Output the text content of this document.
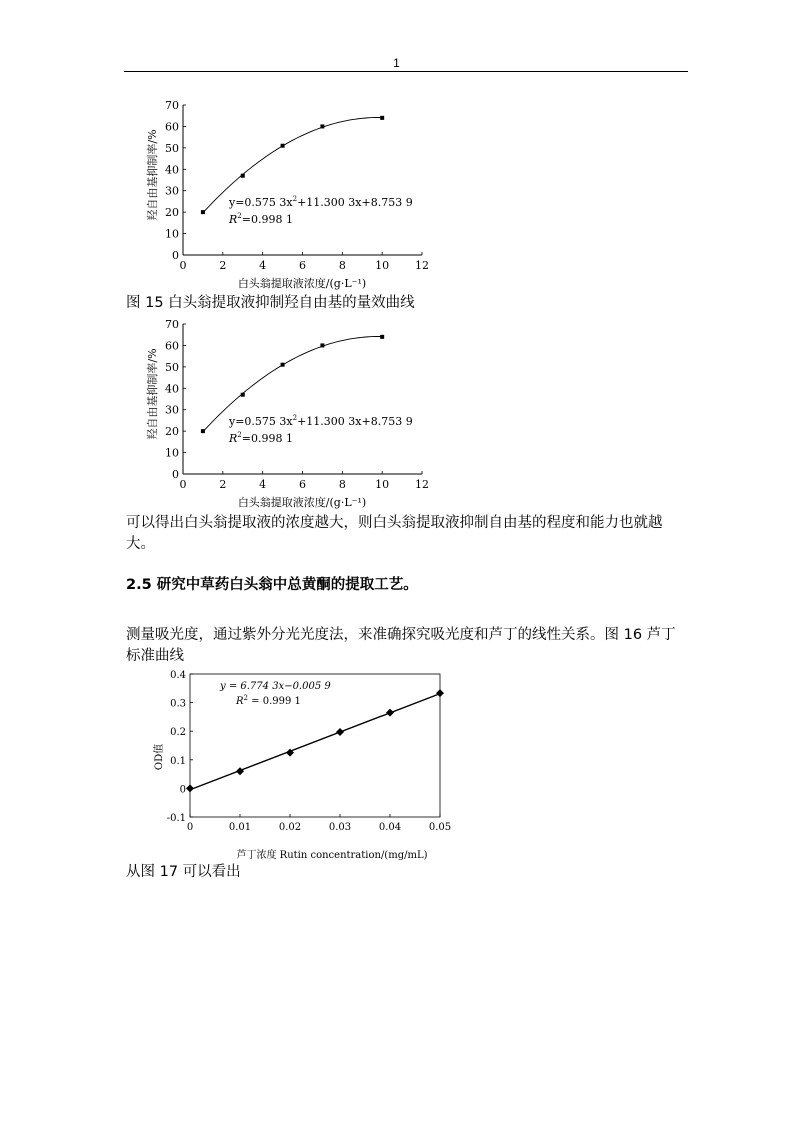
1
羟自由基抑制率/%
0
10
20
30
40
50
60
70
0	2	4	6	8	10 12
y=0.575 $3x^2+11.300$ 3x+8.753 9
$R^2=0.998$ 1
白头翁提取液浓度/(g·L⁻¹)
图 15 白头翁提取液抑制羟自由基的量效曲线
羟自由基抑制率/%
0
10
20
30
40
50
60
70
0	2	4	6	8	10 12
y=0.575 $3x^2+11.300$ 3x+8.753 9
$R^2=0.998$ 1
白头翁提取液浓度/(g·L⁻¹)
可以得出白头翁提取液的浓度越大，则白头翁提取液抑制自由基的程度和能力也就越大。
2.5 研究中草药白头翁中总黄酮的提取工艺。
测量吸光度，通过紫外分光光度法，来准确探究吸光度和芦丁的线性关系。图 16 芦丁标准曲线
OD值
-0.1
0
0.1
0.2
0.3
0.4
0	0.01	0.02	0.03	0.04	0.05
y = 6.774 3x−0.005 9
$R^2 = 0.999$ 1
芦丁浓度 Rutin concentration/(mg/mL)
从图 17 可以看出
